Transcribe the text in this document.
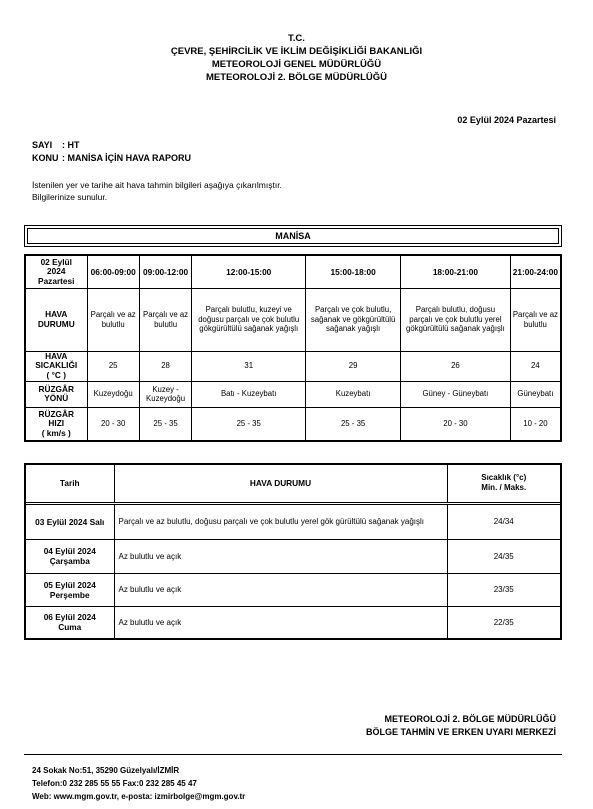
T.C.
ÇEVRE, ŞEHİRCİLİK VE İKLİM DEĞİŞİKLİĞİ BAKANLIĞI
METEOROLOJİ GENEL MÜDÜRLÜĞÜ
METEOROLOJİ 2. BÖLGE MÜDÜRLÜĞÜ
02 Eylül 2024 Pazartesi
SAYI : HT
KONU : MANİSA İÇİN HAVA RAPORU
İstenilen yer ve tarihe ait hava tahmin bilgileri aşağıya çıkarılmıştır.
Bilgilerinize sunulur.
MANİSA
02 Eylül
2024
Pazartesi	06:00-09:00	09:00-12:00	12:00-15:00	15:00-18:00	18:00-21:00	21:00-24:00

HAVA
DURUMU	Parçalı ve az bulutlu	Parçalı ve az bulutlu	Parçalı bulutlu, kuzeyi ve doğusu parçalı ve çok bulutlu gökgürültülü sağanak yağışlı	Parçalı ve çok bulutlu, sağanak ve gökgürültülü sağanak yağışlı	Parçalı bulutlu, doğusu parçalı ve çok bulutlu yerel gökgürültülü sağanak yağışlı	Parçalı ve az bulutlu

HAVA
SICAKLIĞI
( °C )	25	28	31	29	26	24

RÜZGÂR
YÖNÜ	Kuzeydoğu	Kuzey - Kuzeydoğu	Batı - Kuzeybatı	Kuzeybatı	Güney - Güneybatı	Güneybatı

RÜZGÂR
HIZI
( km/s )	20 - 30	25 - 35	25 - 35	25 - 35	20 - 30	10 - 20
Tarih	HAVA DURUMU	Sıcaklık (°c)
Min. / Maks.

03 Eylül 2024 Salı	Parçalı ve az bulutlu, doğusu parçalı ve çok bulutlu yerel gök gürültülü sağanak yağışlı	24/34

04 Eylül 2024
Çarşamba	Az bulutlu ve açık	24/35

05 Eylül 2024
Perşembe	Az bulutlu ve açık	23/35

06 Eylül 2024
Cuma	Az bulutlu ve açık	22/35
METEOROLOJİ 2. BÖLGE MÜDÜRLÜĞÜ
BÖLGE TAHMİN VE ERKEN UYARI MERKEZİ
24 Sokak No:51, 35290 Güzelyalı/İZMİR
Telefon:0 232 285 55 55 Fax:0 232 285 45 47
Web: www.mgm.gov.tr, e-posta: izmirbolge@mgm.gov.tr
